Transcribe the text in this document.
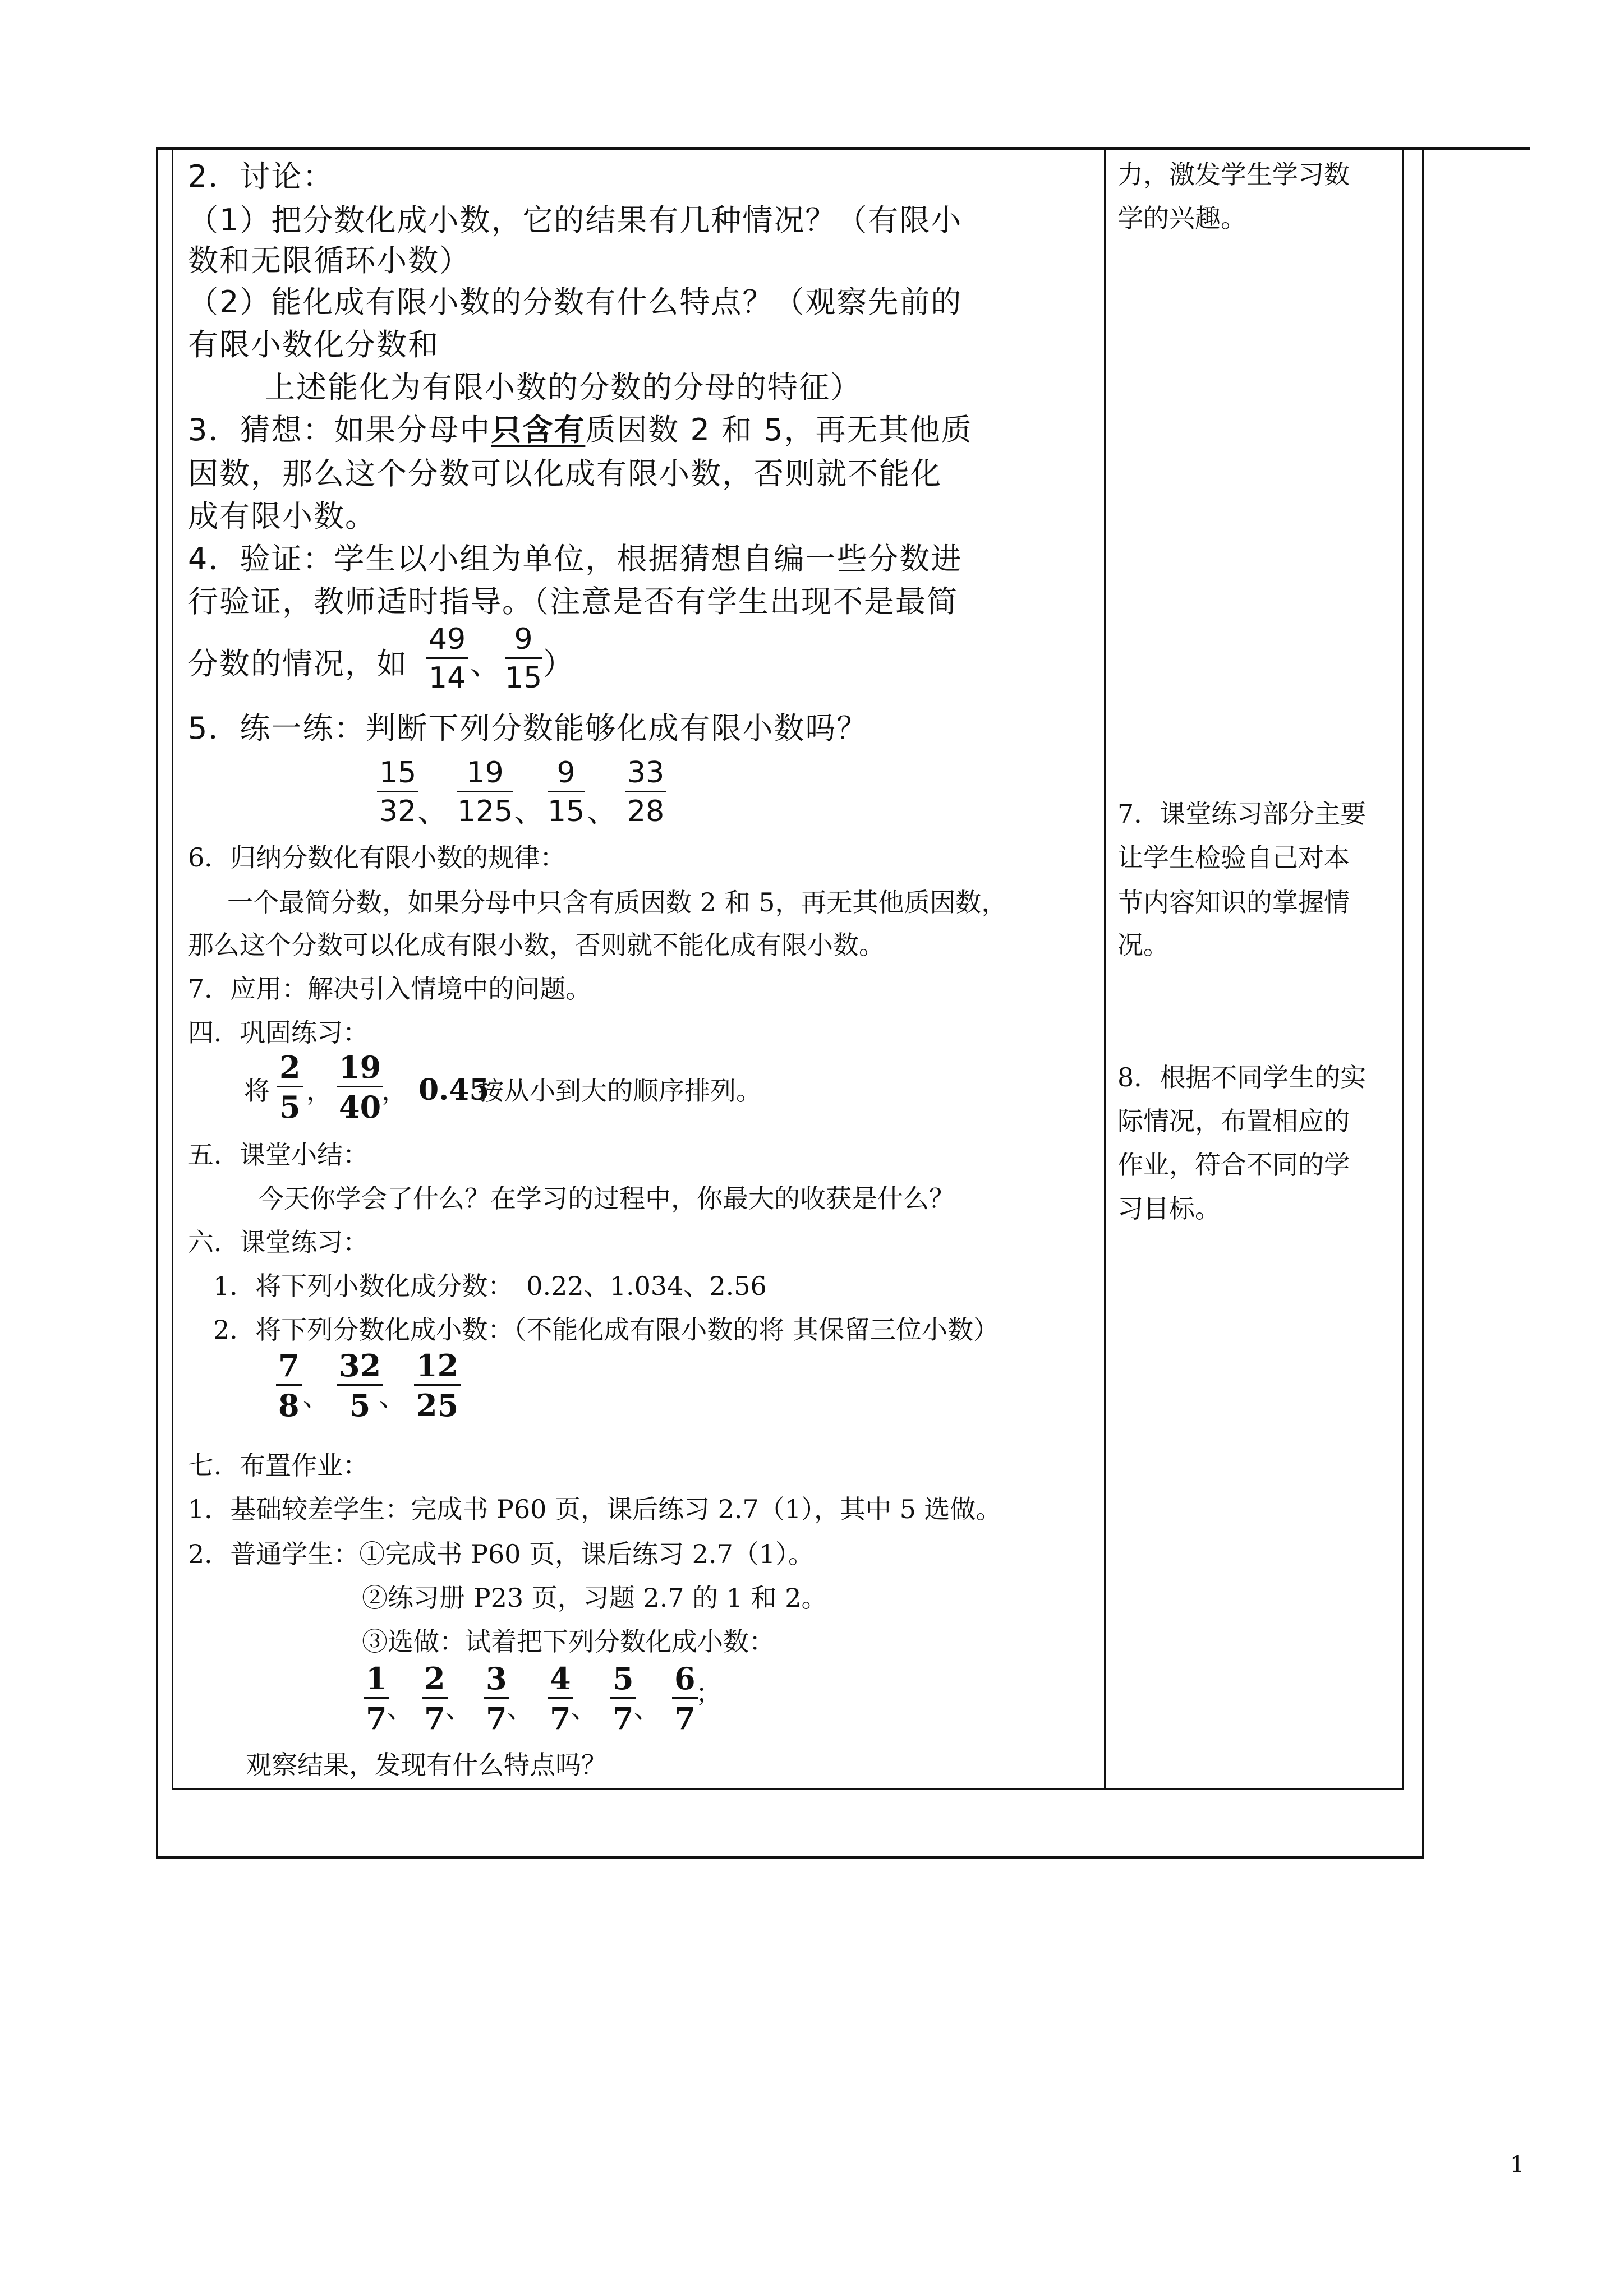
2．讨论：
（1）把分数化成小数，它的结果有几种情况？（有限小
数和无限循环小数）
（2）能化成有限小数的分数有什么特点？（观察先前的
有限小数化分数和
上述能化为有限小数的分数的分母的特征）
3．猜想：如果分母中只含有质因数 2 和 5，再无其他质
因数，那么这个分数可以化成有限小数，否则就不能化
成有限小数。
4．验证：学生以小组为单位，根据猜想自编一些分数进
行验证，教师适时指导。（注意是否有学生出现不是最简
分数的情况，如
49
14 、
9
15 ）
5．练一练：判断下列分数能够化成有限小数吗？
15
32 、
19
125 、
9
15 、
33
28
6．归纳分数化有限小数的规律：
一个最简分数，如果分母中只含有质因数 2 和 5，再无其他质因数，
那么这个分数可以化成有限小数，否则就不能化成有限小数。
7．应用：解决引入情境中的问题。
四．巩固练习：
将
2
5 ，
19
40 ， 0.45
按从小到大的顺序排列。
五．课堂小结：
今天你学会了什么？在学习的过程中，你最大的收获是什么？
六．课堂练习：
1．将下列小数化成分数：　0.22、1.034、2.56
2．将下列分数化成小数：（不能化成有限小数的将 其保留三位小数）
7
8 、
32
5 、
12
25
七．布置作业：
1．基础较差学生：完成书 P60 页，课后练习 2.7（1），其中 5 选做。
2．普通学生：①完成书 P60 页，课后练习 2.7（1）。
②练习册 P23 页，习题 2.7 的 1 和 2。
③选做：试着把下列分数化成小数：
1
7 、
2
7 、
3
7 、
4
7 、
5
7 、
6
7
；
观察结果，发现有什么特点吗？
力，激发学生学习数
学的兴趣。
7．课堂练习部分主要
让学生检验自己对本
节内容知识的掌握情
况。
8．根据不同学生的实
际情况，布置相应的
作业，符合不同的学
习目标。
1
